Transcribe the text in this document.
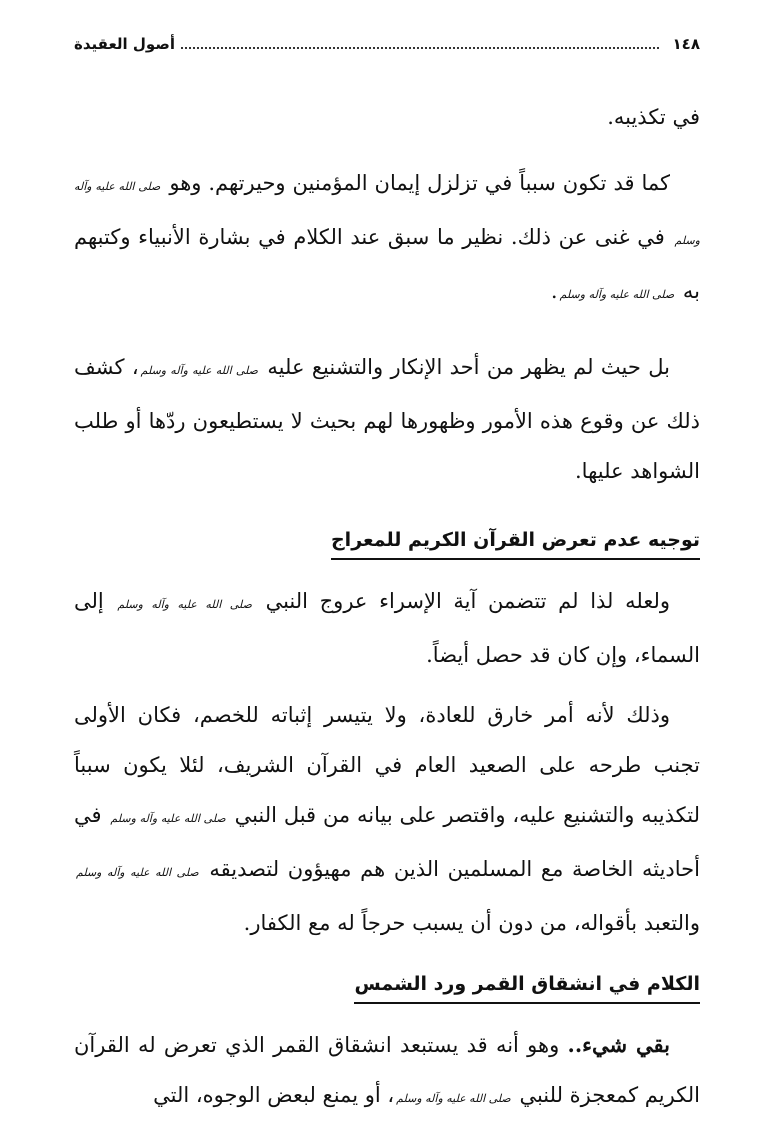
١٤٨
أصول العقيدة

في تكذيبه.

كما قد تكون سبباً في تزلزل إيمان المؤمنين وحيرتهم. وهو صلى الله عليه وآله وسلم في غنى عن ذلك. نظير ما سبق عند الكلام في بشارة الأنبياء وكتبهم به صلى الله عليه وآله وسلم.

بل حيث لم يظهر من أحد الإنكار والتشنيع عليه صلى الله عليه وآله وسلم، كشف ذلك عن وقوع هذه الأمور وظهورها لهم بحيث لا يستطيعون ردّها أو طلب الشواهد عليها.

توجيه عدم تعرض القرآن الكريم للمعراج

ولعله لذا لم تتضمن آية الإسراء عروج النبي صلى الله عليه وآله وسلم إلى السماء، وإن كان قد حصل أيضاً.

وذلك لأنه أمر خارق للعادة، ولا يتيسر إثباته للخصم، فكان الأولى تجنب طرحه على الصعيد العام في القرآن الشريف، لئلا يكون سبباً لتكذيبه والتشنيع عليه، واقتصر على بيانه من قبل النبي صلى الله عليه وآله وسلم في أحاديثه الخاصة مع المسلمين الذين هم مهيؤون لتصديقه صلى الله عليه وآله وسلم والتعبد بأقواله، من دون أن يسبب حرجاً له مع الكفار.

الكلام في انشقاق القمر ورد الشمس

بقي شيء.. وهو أنه قد يستبعد انشقاق القمر الذي تعرض له القرآن الكريم كمعجزة للنبي صلى الله عليه وآله وسلم، أو يمنع لبعض الوجوه، التي
